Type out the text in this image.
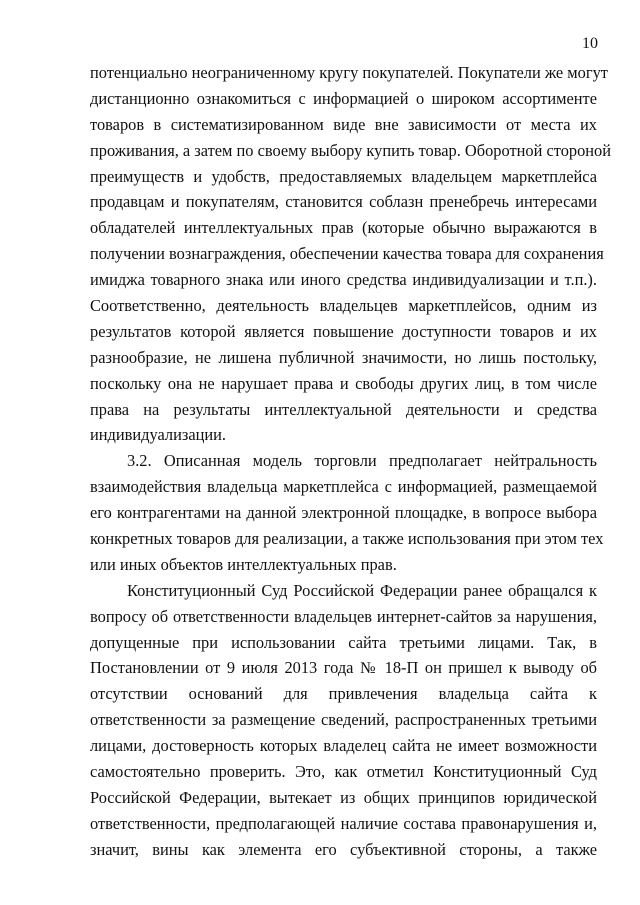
10
потенциально неограниченному кругу покупателей. Покупатели же могут
дистанционно ознакомиться с информацией о широком ассортименте
товаров в систематизированном виде вне зависимости от места их
проживания, а затем по своему выбору купить товар. Оборотной стороной
преимуществ и удобств, предоставляемых владельцем маркетплейса
продавцам и покупателям, становится соблазн пренебречь интересами
обладателей интеллектуальных прав (которые обычно выражаются в
получении вознаграждения, обеспечении качества товара для сохранения
имиджа товарного знака или иного средства индивидуализации и т.п.).
Соответственно, деятельность владельцев маркетплейсов, одним из
результатов которой является повышение доступности товаров и их
разнообразие, не лишена публичной значимости, но лишь постольку,
поскольку она не нарушает права и свободы других лиц, в том числе
права на результаты интеллектуальной деятельности и средства
индивидуализации.
3.2. Описанная модель торговли предполагает нейтральность
взаимодействия владельца маркетплейса с информацией, размещаемой
его контрагентами на данной электронной площадке, в вопросе выбора
конкретных товаров для реализации, а также использования при этом тех
или иных объектов интеллектуальных прав.
Конституционный Суд Российской Федерации ранее обращался к
вопросу об ответственности владельцев интернет-сайтов за нарушения,
допущенные при использовании сайта третьими лицами. Так, в
Постановлении от 9 июля 2013 года № 18-П он пришел к выводу об
отсутствии оснований для привлечения владельца сайта к
ответственности за размещение сведений, распространенных третьими
лицами, достоверность которых владелец сайта не имеет возможности
самостоятельно проверить. Это, как отметил Конституционный Суд
Российской Федерации, вытекает из общих принципов юридической
ответственности, предполагающей наличие состава правонарушения и,
значит, вины как элемента его субъективной стороны, а также
